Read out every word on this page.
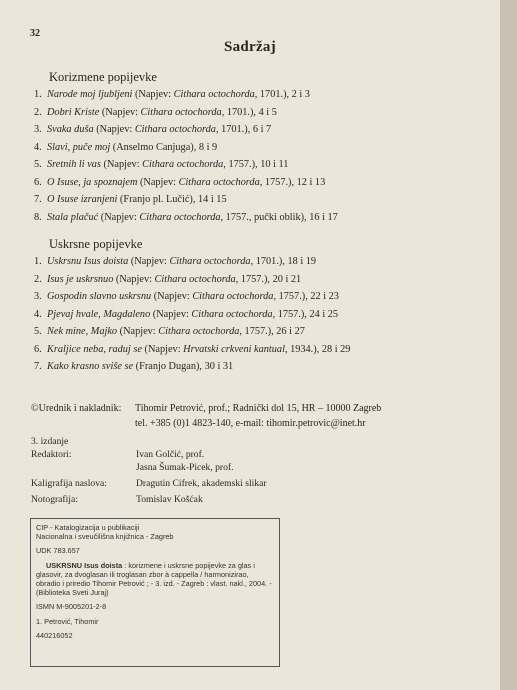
32
Sadržaj
Korizmene popijevke
1. Narode moj ljubljeni (Napjev: Cithara octochorda, 1701.), 2 i 3
2. Dobri Kriste (Napjev: Cithara octochorda, 1701.), 4 i 5
3. Svaka duša (Napjev: Cithara octochorda, 1701.), 6 i 7
4. Slavi, puče moj (Anselmo Canjuga), 8 i 9
5. Sretnih li vas (Napjev: Cithara octochorda, 1757.), 10 i 11
6. O Isuse, ja spoznajem (Napjev: Cithara octochorda, 1757.), 12 i 13
7. O Isuse izranjeni (Franjo pl. Lučić), 14 i 15
8. Stala plačuć (Napjev: Cithara octochorda, 1757., pučki oblik), 16 i 17
Uskrsne popijevke
1. Uskrsnu Isus doista (Napjev: Cithara octochorda, 1701.), 18 i 19
2. Isus je uskrsnuo (Napjev: Cithara octochorda, 1757.), 20 i 21
3. Gospodin slavno uskrsnu (Napjev: Cithara octochorda, 1757.), 22 i 23
4. Pjevaj hvale, Magdaleno (Napjev: Cithara octochorda, 1757.), 24 i 25
5. Nek mine, Majko (Napjev: Cithara octochorda, 1757.), 26 i 27
6. Kraljice neba, raduj se (Napjev: Hrvatski crkveni kantual, 1934.), 28 i 29
7. Kako krasno sviše se (Franjo Dugan), 30 i 31
©Urednik i nakladnik: Tihomir Petrović, prof.; Radnički dol 15, HR – 10000 Zagreb
tel. +385 (0)1 4823-140, e-mail: tihomir.petrovic@inet.hr
3. izdanje
Redaktori:	Ivan Golčić, prof.
Jasna Šumak-Picek, prof.
Kaligrafija naslova:	Dragutin Cifrek, akademski slikar
Notografija:	Tomislav Košćak

CIP - Katalogizacija u publikaciji

Nacionalna i sveučilišna knjižnica - Zagreb

UDK 783.657

USKRSNU Isus doista : korizmene i uskrsne popijevke za glas i glasovir, za dvoglasan ili troglasan zbor à cappella / harmonizirao, obradio i priredio Tihomir Petrović ; - 3. izd. - Zagreb : vlast. nakl., 2004. - (Biblioteka Sveti Juraj)

ISMN M-9005201-2-8

1. Petrović, Tihomir

440216052
